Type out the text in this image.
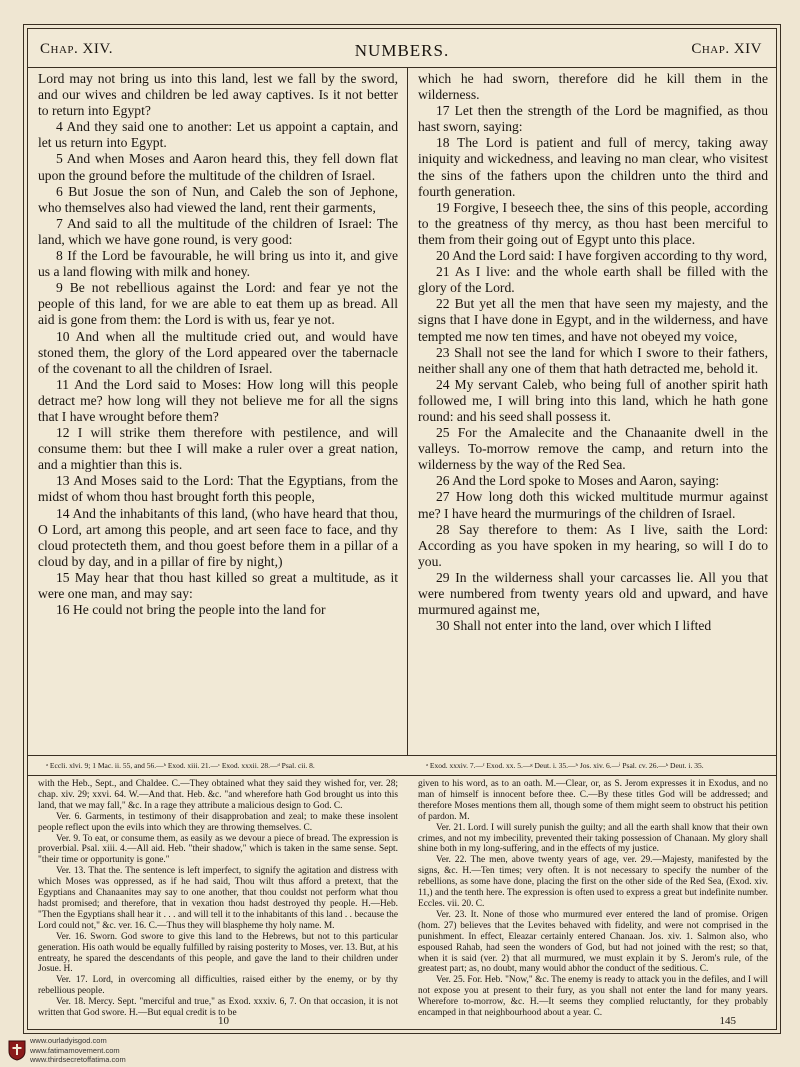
Chap. XIV.	NUMBERS.	Chap. XIV

Lord may not bring us into this land, lest we fall by the sword, and our wives and children be led away captives. Is it not better to return into Egypt?

4 And they said one to another: Let us appoint a captain, and let us return into Egypt.

5 And when Moses and Aaron heard this, they fell down flat upon the ground before the multitude of the children of Israel.

6 But Josue the son of Nun, and Caleb the son of Jephone, who themselves also had viewed the land, rent their garments,

7 And said to all the multitude of the children of Israel: The land, which we have gone round, is very good:

8 If the Lord be favourable, he will bring us into it, and give us a land flowing with milk and honey.

9 Be not rebellious against the Lord: and fear ye not the people of this land, for we are able to eat them up as bread. All aid is gone from them: the Lord is with us, fear ye not.

10 And when all the multitude cried out, and would have stoned them, the glory of the Lord appeared over the tabernacle of the covenant to all the children of Israel.

11 And the Lord said to Moses: How long will this people detract me? how long will they not believe me for all the signs that I have wrought before them?

12 I will strike them therefore with pestilence, and will consume them: but thee I will make a ruler over a great nation, and a mightier than this is.

13 And Moses said to the Lord: That the Egyptians, from the midst of whom thou hast brought forth this people,

14 And the inhabitants of this land, (who have heard that thou, O Lord, art among this people, and art seen face to face, and thy cloud protecteth them, and thou goest before them in a pillar of a cloud by day, and in a pillar of fire by night,)

15 May hear that thou hast killed so great a multitude, as it were one man, and may say:

16 He could not bring the people into the land for

which he had sworn, therefore did he kill them in the wilderness.

17 Let then the strength of the Lord be magnified, as thou hast sworn, saying:

18 The Lord is patient and full of mercy, taking away iniquity and wickedness, and leaving no man clear, who visitest the sins of the fathers upon the children unto the third and fourth generation.

19 Forgive, I beseech thee, the sins of this people, according to the greatness of thy mercy, as thou hast been merciful to them from their going out of Egypt unto this place.

20 And the Lord said: I have forgiven according to thy word,

21 As I live: and the whole earth shall be filled with the glory of the Lord.

22 But yet all the men that have seen my majesty, and the signs that I have done in Egypt, and in the wilderness, and have tempted me now ten times, and have not obeyed my voice,

23 Shall not see the land for which I swore to their fathers, neither shall any one of them that hath detracted me, behold it.

24 My servant Caleb, who being full of another spirit hath followed me, I will bring into this land, which he hath gone round: and his seed shall possess it.

25 For the Amalecite and the Chanaanite dwell in the valleys. To-morrow remove the camp, and return into the wilderness by the way of the Red Sea.

26 And the Lord spoke to Moses and Aaron, saying:

27 How long doth this wicked multitude murmur against me? I have heard the murmurings of the children of Israel.

28 Say therefore to them: As I live, saith the Lord: According as you have spoken in my hearing, so will I do to you.

29 In the wilderness shall your carcasses lie. All you that were numbered from twenty years old and upward, and have murmured against me,

30 Shall not enter into the land, over which I lifted

ᵃ Eccli. xlvi. 9; 1 Mac. ii. 55, and 56.—ᵇ Exod. xiii. 21.—ᶜ Exod. xxxii. 28.—ᵈ Psal. cii. 8.	ᵃ Exod. xxxiv. 7.—ᶠ Exod. xx. 5.—ᵍ Deut. i. 35.—ʰ Jos. xiv. 6.—ⁱ Psal. cv. 26.—ᵏ Deut. i. 35.

with the Heb., Sept., and Chaldee. C.—They obtained what they said they wished for, ver. 28; chap. xiv. 29; xxvi. 64. W.—And that. Heb. &c. "and wherefore hath God brought us into this land, that we may fall," &c. In a rage they attribute a malicious design to God. C.

Ver. 6. Garments, in testimony of their disapprobation and zeal; to make these insolent people reflect upon the evils into which they are throwing themselves. C.

Ver. 9. To eat, or consume them, as easily as we devour a piece of bread. The expression is proverbial. Psal. xiii. 4.—All aid. Heb. "their shadow," which is taken in the same sense. Sept. "their time or opportunity is gone."

Ver. 13. That the. The sentence is left imperfect, to signify the agitation and distress with which Moses was oppressed, as if he had said, Thou wilt thus afford a pretext, that the Egyptians and Chanaanites may say to one another, that thou couldst not perform what thou hadst promised; and therefore, that in vexation thou hadst destroyed thy people. H.—Heb. "Then the Egyptians shall hear it . . . and will tell it to the inhabitants of this land . . because the Lord could not," &c. ver. 16. C.—Thus they will blaspheme thy holy name. M.

Ver. 16. Sworn. God swore to give this land to the Hebrews, but not to this particular generation. His oath would be equally fulfilled by raising posterity to Moses, ver. 13. But, at his entreaty, he spared the descendants of this people, and gave the land to their children under Josue. H.

Ver. 17. Lord, in overcoming all difficulties, raised either by the enemy, or by thy rebellious people.

Ver. 18. Mercy. Sept. "merciful and true," as Exod. xxxiv. 6, 7. On that occasion, it is not written that God swore. H.—But equal credit is to be

given to his word, as to an oath. M.—Clear, or, as S. Jerom expresses it in Exodus, and no man of himself is innocent before thee. C.—By these titles God will be addressed; and therefore Moses mentions them all, though some of them might seem to obstruct his petition of pardon. M.

Ver. 21. Lord. I will surely punish the guilty; and all the earth shall know that their own crimes, and not my imbecility, prevented their taking possession of Chanaan. My glory shall shine both in my long-suffering, and in the effects of my justice.

Ver. 22. The men, above twenty years of age, ver. 29.—Majesty, manifested by the signs, &c. H.—Ten times; very often. It is not necessary to specify the number of the rebellions, as some have done, placing the first on the other side of the Red Sea, (Exod. xiv. 11,) and the tenth here. The expression is often used to express a great but indefinite number. Eccles. vii. 20. C.

Ver. 23. It. None of those who murmured ever entered the land of promise. Origen (hom. 27) believes that the Levites behaved with fidelity, and were not comprised in the punishment. In effect, Eleazar certainly entered Chanaan. Jos. xiv. 1. Salmon also, who espoused Rahab, had seen the wonders of God, but had not joined with the rest; so that, when it is said (ver. 2) that all murmured, we must explain it by S. Jerom's rule, of the greatest part; as, no doubt, many would abhor the conduct of the seditious. C.

Ver. 25. For. Heb. "Now," &c. The enemy is ready to attack you in the defiles, and I will not expose you at present to their fury, as you shall not enter the land for many years. Wherefore to-morrow, &c. H.—It seems they complied reluctantly, for they probably encamped in that neighbourhood about a year. C.

10	145
www.ourladyisgod.com
www.fatimamovement.com
www.thirdsecretoffatima.com
